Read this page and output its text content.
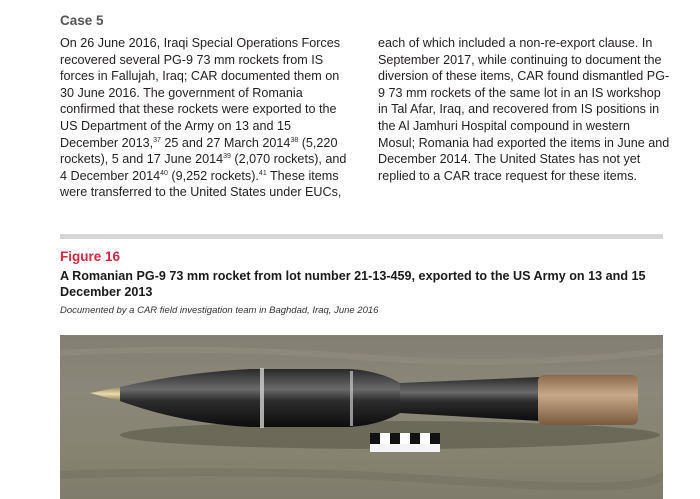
Case 5
On 26 June 2016, Iraqi Special Operations Forces recovered several PG-9 73 mm rockets from IS forces in Fallujah, Iraq; CAR documented them on 30 June 2016. The government of Romania confirmed that these rockets were exported to the US Department of the Army on 13 and 15 December 2013,37 25 and 27 March 2014$^{38}$ (5,220 rockets), 5 and 17 June 2014$^{39}$ (2,070 rockets), and 4 December 2014$^{40}$ (9,252 rockets).$^{41}$ These items were transferred to the United States under EUCs,
each of which included a non-re-export clause. In September 2017, while continuing to document the diversion of these items, CAR found dismantled PG-9 73 mm rockets of the same lot in an IS workshop in Tal Afar, Iraq, and recovered from IS positions in the Al Jamhuri Hospital compound in western Mosul; Romania had exported the items in June and December 2014. The United States has not yet replied to a CAR trace request for these items.
Figure 16
A Romanian PG-9 73 mm rocket from lot number 21-13-459, exported to the US Army on 13 and 15 December 2013
Documented by a CAR field investigation team in Baghdad, Iraq, June 2016
